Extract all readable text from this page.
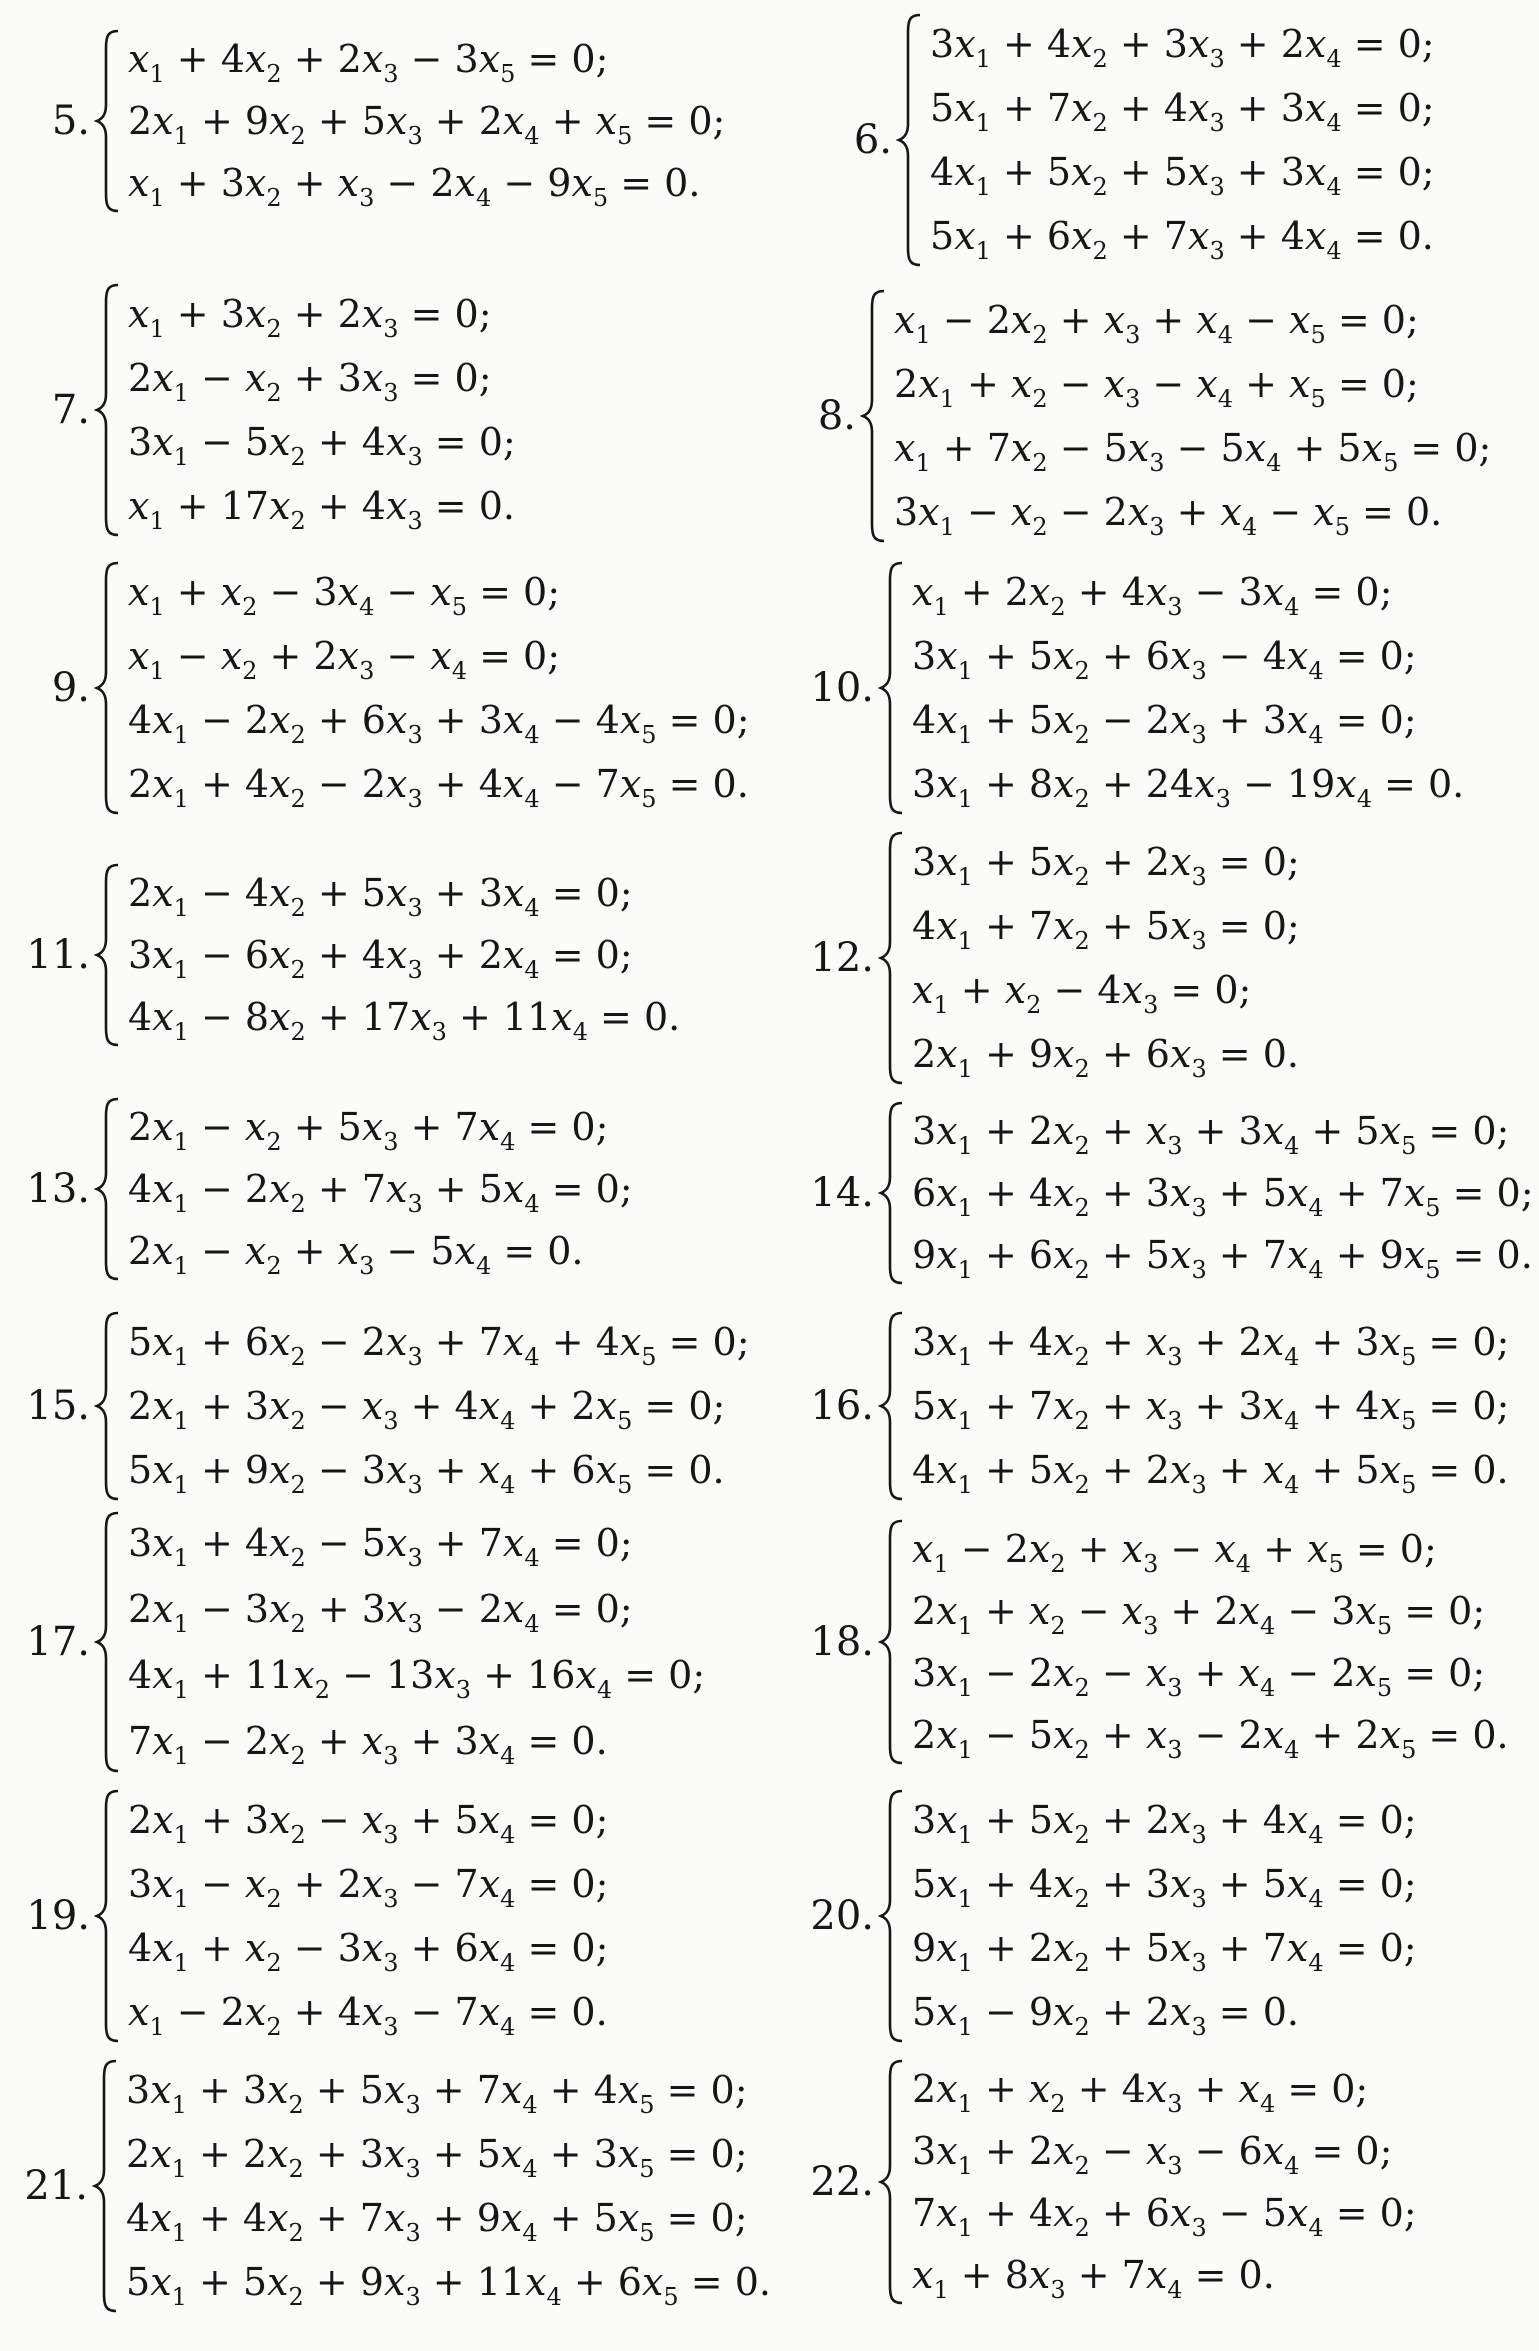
5.
$x_1 + 4x_2 + 2x_3 - 3x_5 = 0$;
$2x_1 + 9x_2 + 5x_3 + 2x_4 + x_5 = 0$;
$x_1 + 3x_2 + x_3 - 2x_4 - 9x_5 = 0$.
6.
$3x_1 + 4x_2 + 3x_3 + 2x_4 = 0$;
$5x_1 + 7x_2 + 4x_3 + 3x_4 = 0$;
$4x_1 + 5x_2 + 5x_3 + 3x_4 = 0$;
$5x_1 + 6x_2 + 7x_3 + 4x_4 = 0$.
7.
$x_1 + 3x_2 + 2x_3 = 0$;
$2x_1 - x_2 + 3x_3 = 0$;
$3x_1 - 5x_2 + 4x_3 = 0$;
$x_1 + 17x_2 + 4x_3 = 0$.
8.
$x_1 - 2x_2 + x_3 + x_4 - x_5 = 0$;
$2x_1 + x_2 - x_3 - x_4 + x_5 = 0$;
$x_1 + 7x_2 - 5x_3 - 5x_4 + 5x_5 = 0$;
$3x_1 - x_2 - 2x_3 + x_4 - x_5 = 0$.
9.
$x_1 + x_2 - 3x_4 - x_5 = 0$;
$x_1 - x_2 + 2x_3 - x_4 = 0$;
$4x_1 - 2x_2 + 6x_3 + 3x_4 - 4x_5 = 0$;
$2x_1 + 4x_2 - 2x_3 + 4x_4 - 7x_5 = 0$.
10.
$x_1 + 2x_2 + 4x_3 - 3x_4 = 0$;
$3x_1 + 5x_2 + 6x_3 - 4x_4 = 0$;
$4x_1 + 5x_2 - 2x_3 + 3x_4 = 0$;
$3x_1 + 8x_2 + 24x_3 - 19x_4 = 0$.
11.
$2x_1 - 4x_2 + 5x_3 + 3x_4 = 0$;
$3x_1 - 6x_2 + 4x_3 + 2x_4 = 0$;
$4x_1 - 8x_2 + 17x_3 + 11x_4 = 0$.
12.
$3x_1 + 5x_2 + 2x_3 = 0$;
$4x_1 + 7x_2 + 5x_3 = 0$;
$x_1 + x_2 - 4x_3 = 0$;
$2x_1 + 9x_2 + 6x_3 = 0$.
13.
$2x_1 - x_2 + 5x_3 + 7x_4 = 0$;
$4x_1 - 2x_2 + 7x_3 + 5x_4 = 0$;
$2x_1 - x_2 + x_3 - 5x_4 = 0$.
14.
$3x_1 + 2x_2 + x_3 + 3x_4 + 5x_5 = 0$;
$6x_1 + 4x_2 + 3x_3 + 5x_4 + 7x_5 = 0$;
$9x_1 + 6x_2 + 5x_3 + 7x_4 + 9x_5 = 0$.
15.
$5x_1 + 6x_2 - 2x_3 + 7x_4 + 4x_5 = 0$;
$2x_1 + 3x_2 - x_3 + 4x_4 + 2x_5 = 0$;
$5x_1 + 9x_2 - 3x_3 + x_4 + 6x_5 = 0$.
16.
$3x_1 + 4x_2 + x_3 + 2x_4 + 3x_5 = 0$;
$5x_1 + 7x_2 + x_3 + 3x_4 + 4x_5 = 0$;
$4x_1 + 5x_2 + 2x_3 + x_4 + 5x_5 = 0$.
17.
$3x_1 + 4x_2 - 5x_3 + 7x_4 = 0$;
$2x_1 - 3x_2 + 3x_3 - 2x_4 = 0$;
$4x_1 + 11x_2 - 13x_3 + 16x_4 = 0$;
$7x_1 - 2x_2 + x_3 + 3x_4 = 0$.
18.
$x_1 - 2x_2 + x_3 - x_4 + x_5 = 0$;
$2x_1 + x_2 - x_3 + 2x_4 - 3x_5 = 0$;
$3x_1 - 2x_2 - x_3 + x_4 - 2x_5 = 0$;
$2x_1 - 5x_2 + x_3 - 2x_4 + 2x_5 = 0$.
19.
$2x_1 + 3x_2 - x_3 + 5x_4 = 0$;
$3x_1 - x_2 + 2x_3 - 7x_4 = 0$;
$4x_1 + x_2 - 3x_3 + 6x_4 = 0$;
$x_1 - 2x_2 + 4x_3 - 7x_4 = 0$.
20.
$3x_1 + 5x_2 + 2x_3 + 4x_4 = 0$;
$5x_1 + 4x_2 + 3x_3 + 5x_4 = 0$;
$9x_1 + 2x_2 + 5x_3 + 7x_4 = 0$;
$5x_1 - 9x_2 + 2x_3 = 0$.
21.
$3x_1 + 3x_2 + 5x_3 + 7x_4 + 4x_5 = 0$;
$2x_1 + 2x_2 + 3x_3 + 5x_4 + 3x_5 = 0$;
$4x_1 + 4x_2 + 7x_3 + 9x_4 + 5x_5 = 0$;
$5x_1 + 5x_2 + 9x_3 + 11x_4 + 6x_5 = 0$.
22.
$2x_1 + x_2 + 4x_3 + x_4 = 0$;
$3x_1 + 2x_2 - x_3 - 6x_4 = 0$;
$7x_1 + 4x_2 + 6x_3 - 5x_4 = 0$;
$x_1 + 8x_3 + 7x_4 = 0$.
